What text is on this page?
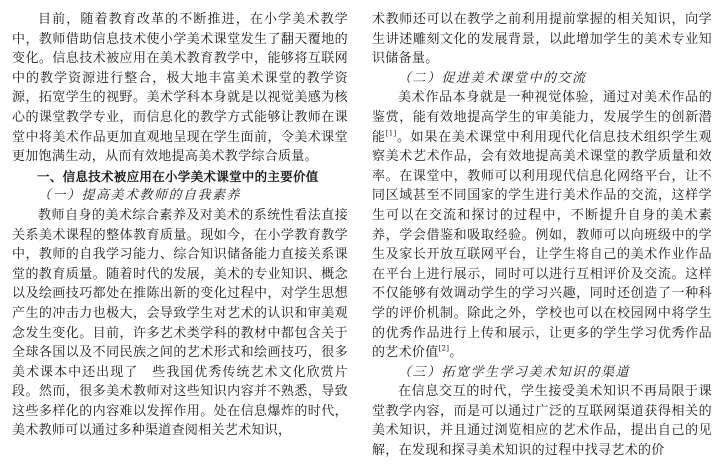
目前，随着教育改革的不断推进，在小学美术教学中，教师借助信息技术使小学美术课堂发生了翻天覆地的变化。信息技术被应用在美术教育教学中，能够将互联网中的教学资源进行整合，极大地丰富美术课堂的教学资源，拓宽学生的视野。美术学科本身就是以视觉美感为核心的课堂教学专业，而信息化的教学方式能够让教师在课堂中将美术作品更加直观地呈现在学生面前，令美术课堂更加饱满生动，从而有效地提高美术教学综合质量。

一、信息技术被应用在小学美术课堂中的主要价值

（一）提高美术教师的自我素养

教师自身的美术综合素养及对美术的系统性看法直接关系美术课程的整体教育质量。现如今，在小学教育教学中，教师的自我学习能力、综合知识储备能力直接关系课堂的教育质量。随着时代的发展，美术的专业知识、概念以及绘画技巧都处在推陈出新的变化过程中，对学生思想产生的冲击力也极大，会导致学生对艺术的认识和审美观念发生变化。目前，许多艺术类学科的教材中都包含关于全球各国以及不同民族之间的艺术形式和绘画技巧，很多美术课本中还出现了　些我国优秀传统艺术文化欣赏片段。然而，很多美术教师对这些知识内容并不熟悉，导致这些多样化的内容难以发挥作用。处在信息爆炸的时代，美术教师可以通过多种渠道查阅相关艺术知识，

术教师还可以在教学之前利用提前掌握的相关知识，向学生讲述雕刻文化的发展背景，以此增加学生的美术专业知识储备量。

（二）促进美术课堂中的交流

美术作品本身就是一种视觉体验，通过对美术作品的鉴赏，能有效地提高学生的审美能力，发展学生的创新潜能[1]。如果在美术课堂中利用现代化信息技术组织学生观察美术艺术作品，会有效地提高美术课堂的教学质量和效率。在课堂中，教师可以利用现代信息化网络平台，让不同区域甚至不同国家的学生进行美术作品的交流，这样学生可以在交流和探讨的过程中，不断提升自身的美术素养，学会借鉴和吸取经验。例如，教师可以向班级中的学生及家长开放互联网平台，让学生将自己的美术作业作品在平台上进行展示，同时可以进行互相评价及交流。这样不仅能够有效调动学生的学习兴趣，同时还创造了一种科学的评价机制。除此之外，学校也可以在校园网中将学生的优秀作品进行上传和展示，让更多的学生学习优秀作品的艺术价值[2]。

（三）拓宽学生学习美术知识的渠道

在信息交互的时代，学生接受美术知识不再局限于课堂教学内容，而是可以通过广泛的互联网渠道获得相关的美术知识，并且通过浏览相应的艺术作品，提出自己的见解，在发现和探寻美术知识的过程中找寻艺术的价
